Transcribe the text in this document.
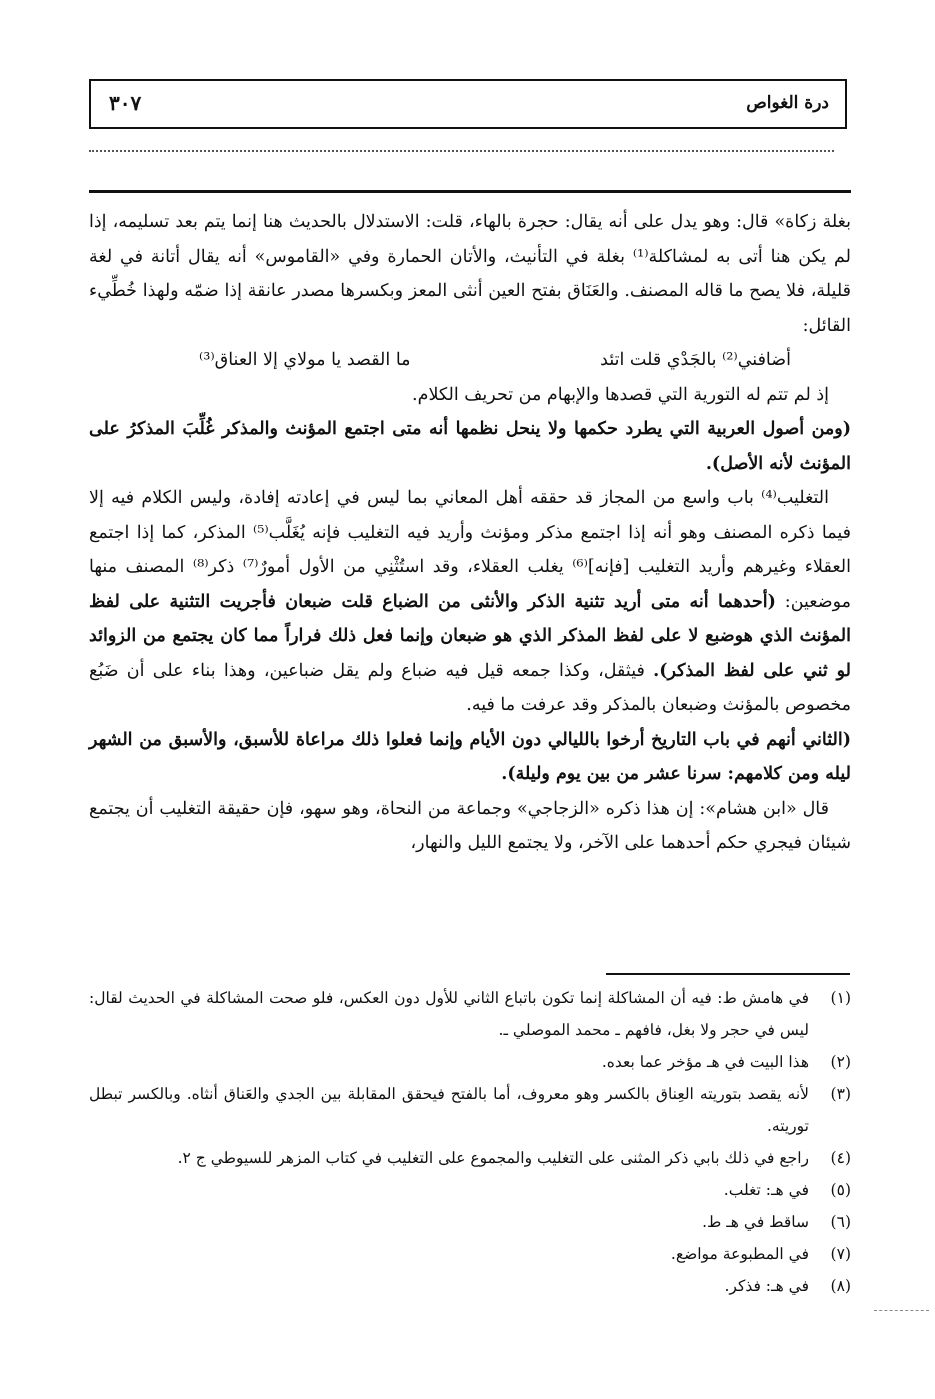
درة الغواص
٣٠٧

بغلة زكاة» قال: وهو يدل على أنه يقال: حجرة بالهاء، قلت: الاستدلال بالحديث هنا إنما يتم بعد تسليمه، إذا لم يكن هنا أتى به لمشاكلة⁽¹⁾ بغلة في التأنيث، والأتان الحمارة وفي «القاموس» أنه يقال أتانة في لغة قليلة، فلا يصح ما قاله المصنف. والعَنَاق بفتح العين أنثى المعز وبكسرها مصدر عانقة إذا ضمّه ولهذا خُطِّيء القائل:

أضافني⁽²⁾ بالجَدْي قلت اتئد
ما القصد يا مولاي إلا العناق⁽³⁾

إذ لم تتم له التورية التي قصدها والإبهام من تحريف الكلام.

(ومن أصول العربية التي يطرد حكمها ولا ينحل نظمها أنه متى اجتمع المؤنث والمذكر غُلِّبَ المذكرُ على المؤنث لأنه الأصل).

التغليب⁽⁴⁾ باب واسع من المجاز قد حققه أهل المعاني بما ليس في إعادته إفادة، وليس الكلام فيه إلا فيما ذكره المصنف وهو أنه إذا اجتمع مذكر ومؤنث وأريد فيه التغليب فإنه يُغَلَّب⁽⁵⁾ المذكر، كما إذا اجتمع العقلاء وغيرهم وأريد التغليب [فإنه]⁽⁶⁾ يغلب العقلاء، وقد استُثْنِي من الأول أمورٌ⁽⁷⁾ ذكر⁽⁸⁾ المصنف منها موضعين: (أحدهما أنه متى أريد تثنية الذكر والأنثى من الضباع قلت ضبعان فأجريت التثنية على لفظ المؤنث الذي هوضبع لا على لفظ المذكر الذي هو ضبعان وإنما فعل ذلك فراراً مما كان يجتمع من الزوائد لو ثني على لفظ المذكر). فيثقل، وكذا جمعه قيل فيه ضباع ولم يقل ضباعين، وهذا بناء على أن ضَبُع مخصوص بالمؤنث وضبعان بالمذكر وقد عرفت ما فيه.

(الثاني أنهم في باب التاريخ أرخوا بالليالي دون الأيام وإنما فعلوا ذلك مراعاة للأسبق، والأسبق من الشهر ليله ومن كلامهم: سرنا عشر من بين يوم وليلة).

قال «ابن هشام»: إن هذا ذكره «الزجاجي» وجماعة من النحاة، وهو سهو، فإن حقيقة التغليب أن يجتمع شيئان فيجري حكم أحدهما على الآخر، ولا يجتمع الليل والنهار،

(١)
في هامش ط: فيه أن المشاكلة إنما تكون باتباع الثاني للأول دون العكس، فلو صحت المشاكلة في الحديث لقال: ليس في حجر ولا بغل، فافهم ـ محمد الموصلي ـ.
(٢)
هذا البيت في هـ مؤخر عما بعده.
(٣)
لأنه يقصد بتوريته العِناق بالكسر وهو معروف، أما بالفتح فيحقق المقابلة بين الجدي والعَناق أنثاه. وبالكسر تبطل توريته.
(٤)
راجع في ذلك بابي ذكر المثنى على التغليب والمجموع على التغليب في كتاب المزهر للسيوطي ج ٢.
(٥)
في هـ: تغلب.
(٦)
ساقط في هـ ط.
(٧)
في المطبوعة مواضع.
(٨)
في هـ: فذكر.
